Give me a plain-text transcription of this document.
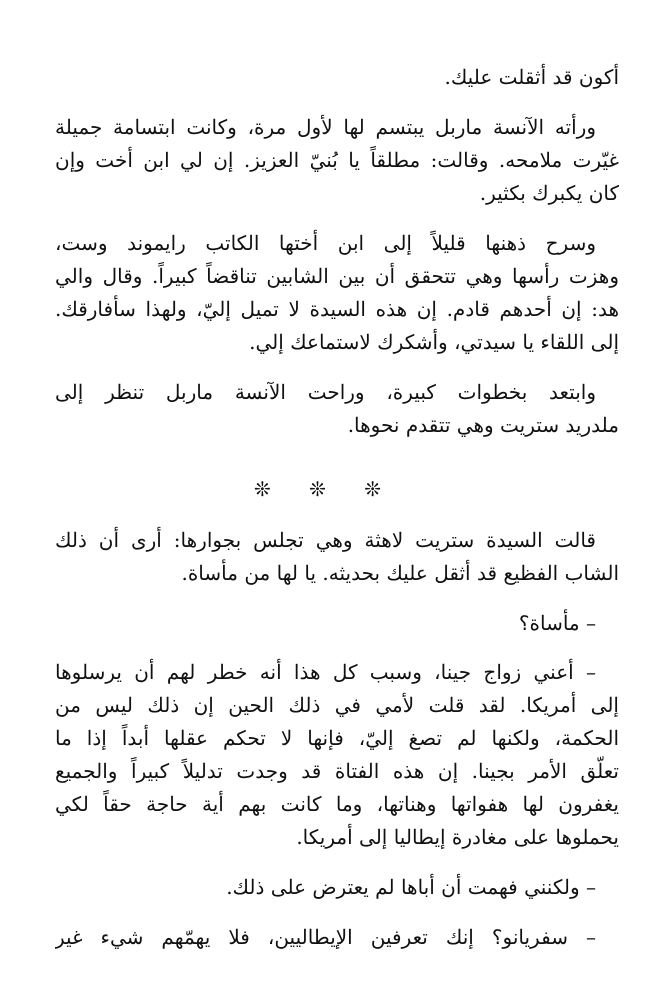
أكون قد أثقلت عليك.

ورأته الآنسة ماربل يبتسم لها لأول مرة، وكانت ابتسامة جميلة

غيّرت ملامحه. وقالت: مطلقاً يا بُنيّ العزيز. إن لي ابن أخت وإن

كان يكبرك بكثير.

وسرح ذهنها قليلاً إلى ابن أختها الكاتب رايموند وست،

وهزت رأسها وهي تتحقق أن بين الشابين تناقضاً كبيراً. وقال والي

هد: إن أحدهم قادم. إن هذه السيدة لا تميل إليّ، ولهذا سأفارقك.

إلى اللقاء يا سيدتي، وأشكرك لاستماعك إلي.

وابتعد بخطوات كبيرة، وراحت الآنسة ماربل تنظر إلى

ملدريد ستريت وهي تتقدم نحوها.

❊ ❊ ❊

قالت السيدة ستريت لاهثة وهي تجلس بجوارها: أرى أن ذلك

الشاب الفظيع قد أثقل عليك بحديثه. يا لها من مأساة.

– مأساة؟

– أعني زواج جينا، وسبب كل هذا أنه خطر لهم أن يرسلوها

إلى أمريكا. لقد قلت لأمي في ذلك الحين إن ذلك ليس من

الحكمة، ولكنها لم تصغ إليّ، فإنها لا تحكم عقلها أبداً إذا ما

تعلّق الأمر بجينا. إن هذه الفتاة قد وجدت تدليلاً كبيراً والجميع

يغفرون لها هفواتها وهناتها، وما كانت بهم أية حاجة حقاً لكي

يحملوها على مغادرة إيطاليا إلى أمريكا.

– ولكنني فهمت أن أباها لم يعترض على ذلك.

– سفريانو؟ إنك تعرفين الإيطاليين، فلا يهمّهم شيء غير
